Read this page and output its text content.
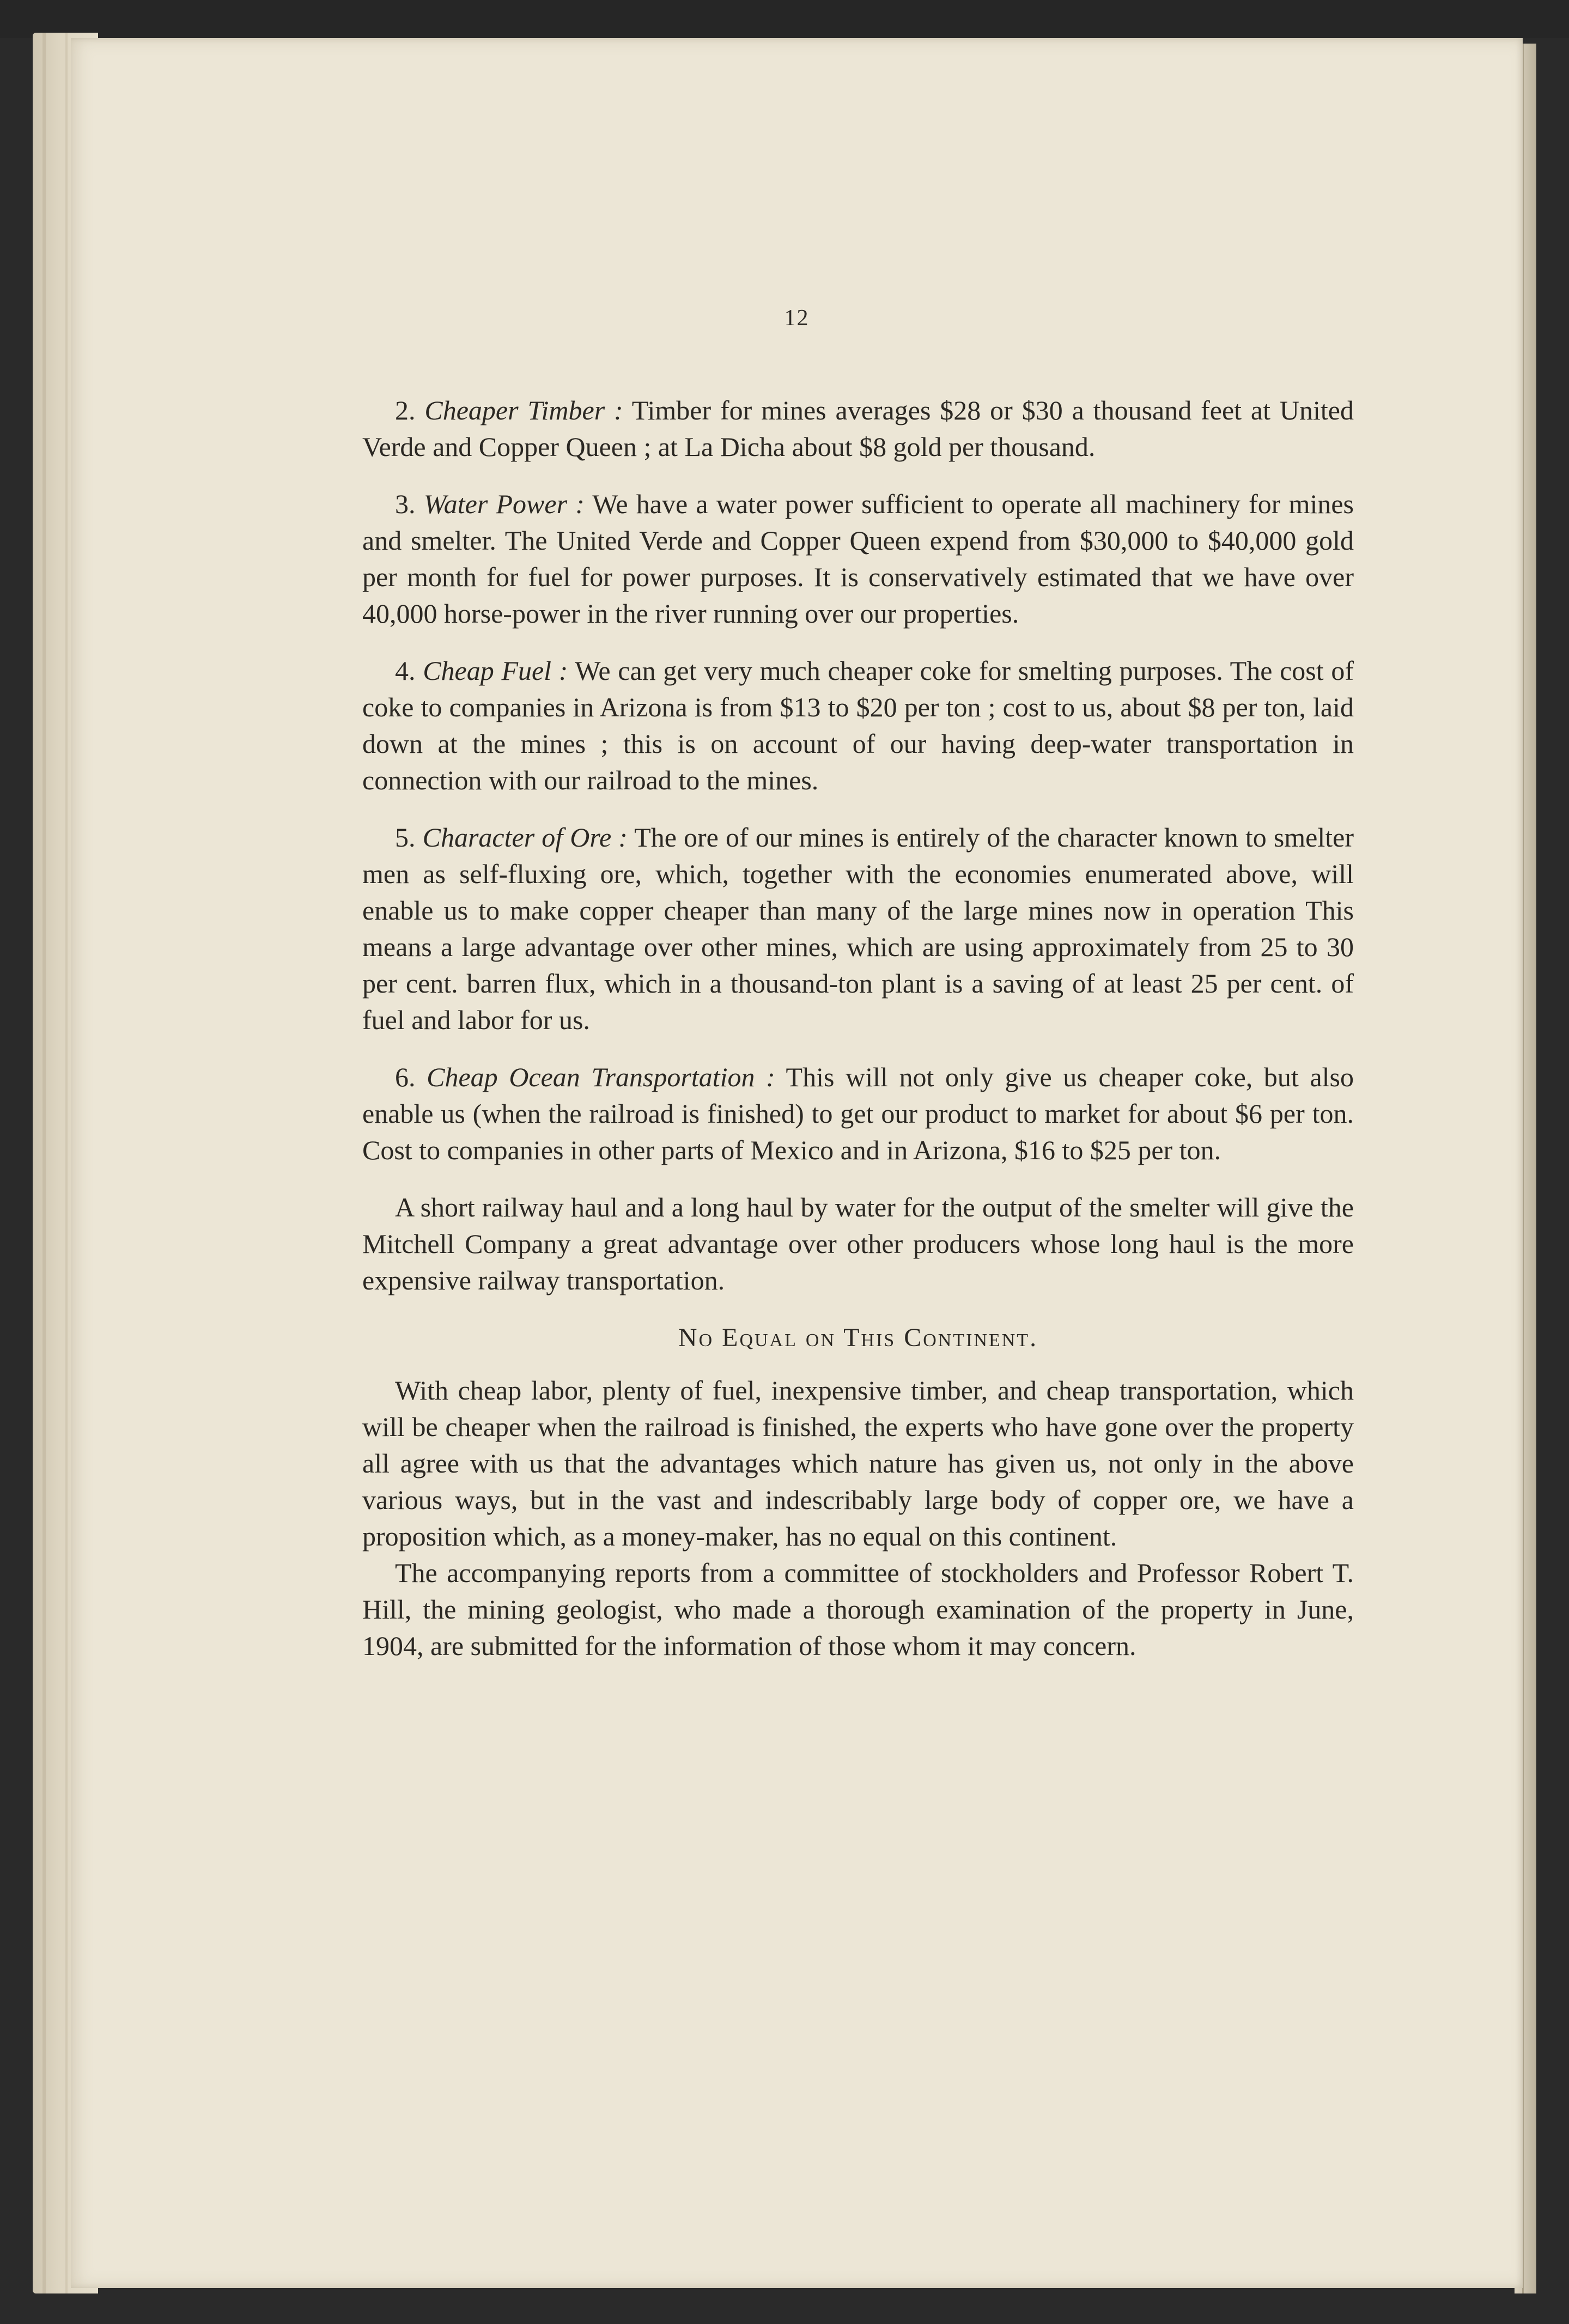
12

2. Cheaper Timber : Timber for mines averages $28 or $30 a thousand feet at United Verde and Copper Queen ; at La Dicha about $8 gold per thousand.

3. Water Power : We have a water power sufficient to operate all machinery for mines and smelter. The United Verde and Copper Queen expend from $30,000 to $40,000 gold per month for fuel for power purposes. It is conservatively estimated that we have over 40,000 horse-power in the river running over our properties.

4. Cheap Fuel : We can get very much cheaper coke for smelting purposes. The cost of coke to companies in Arizona is from $13 to $20 per ton ; cost to us, about $8 per ton, laid down at the mines ; this is on account of our having deep-water transportation in connection with our railroad to the mines.

5. Character of Ore : The ore of our mines is entirely of the character known to smelter men as self-fluxing ore, which, together with the economies enumerated above, will enable us to make copper cheaper than many of the large mines now in operation This means a large advantage over other mines, which are using approximately from 25 to 30 per cent. barren flux, which in a thousand-ton plant is a saving of at least 25 per cent. of fuel and labor for us.

6. Cheap Ocean Transportation : This will not only give us cheaper coke, but also enable us (when the railroad is finished) to get our product to market for about $6 per ton. Cost to companies in other parts of Mexico and in Arizona, $16 to $25 per ton.

A short railway haul and a long haul by water for the output of the smelter will give the Mitchell Company a great advantage over other producers whose long haul is the more expensive railway transportation.

No Equal on This Continent.

With cheap labor, plenty of fuel, inexpensive timber, and cheap transportation, which will be cheaper when the railroad is finished, the experts who have gone over the property all agree with us that the advantages which nature has given us, not only in the above various ways, but in the vast and indescribably large body of copper ore, we have a proposition which, as a money-maker, has no equal on this continent.

The accompanying reports from a committee of stockholders and Professor Robert T. Hill, the mining geologist, who made a thorough examination of the property in June, 1904, are submitted for the information of those whom it may concern.
